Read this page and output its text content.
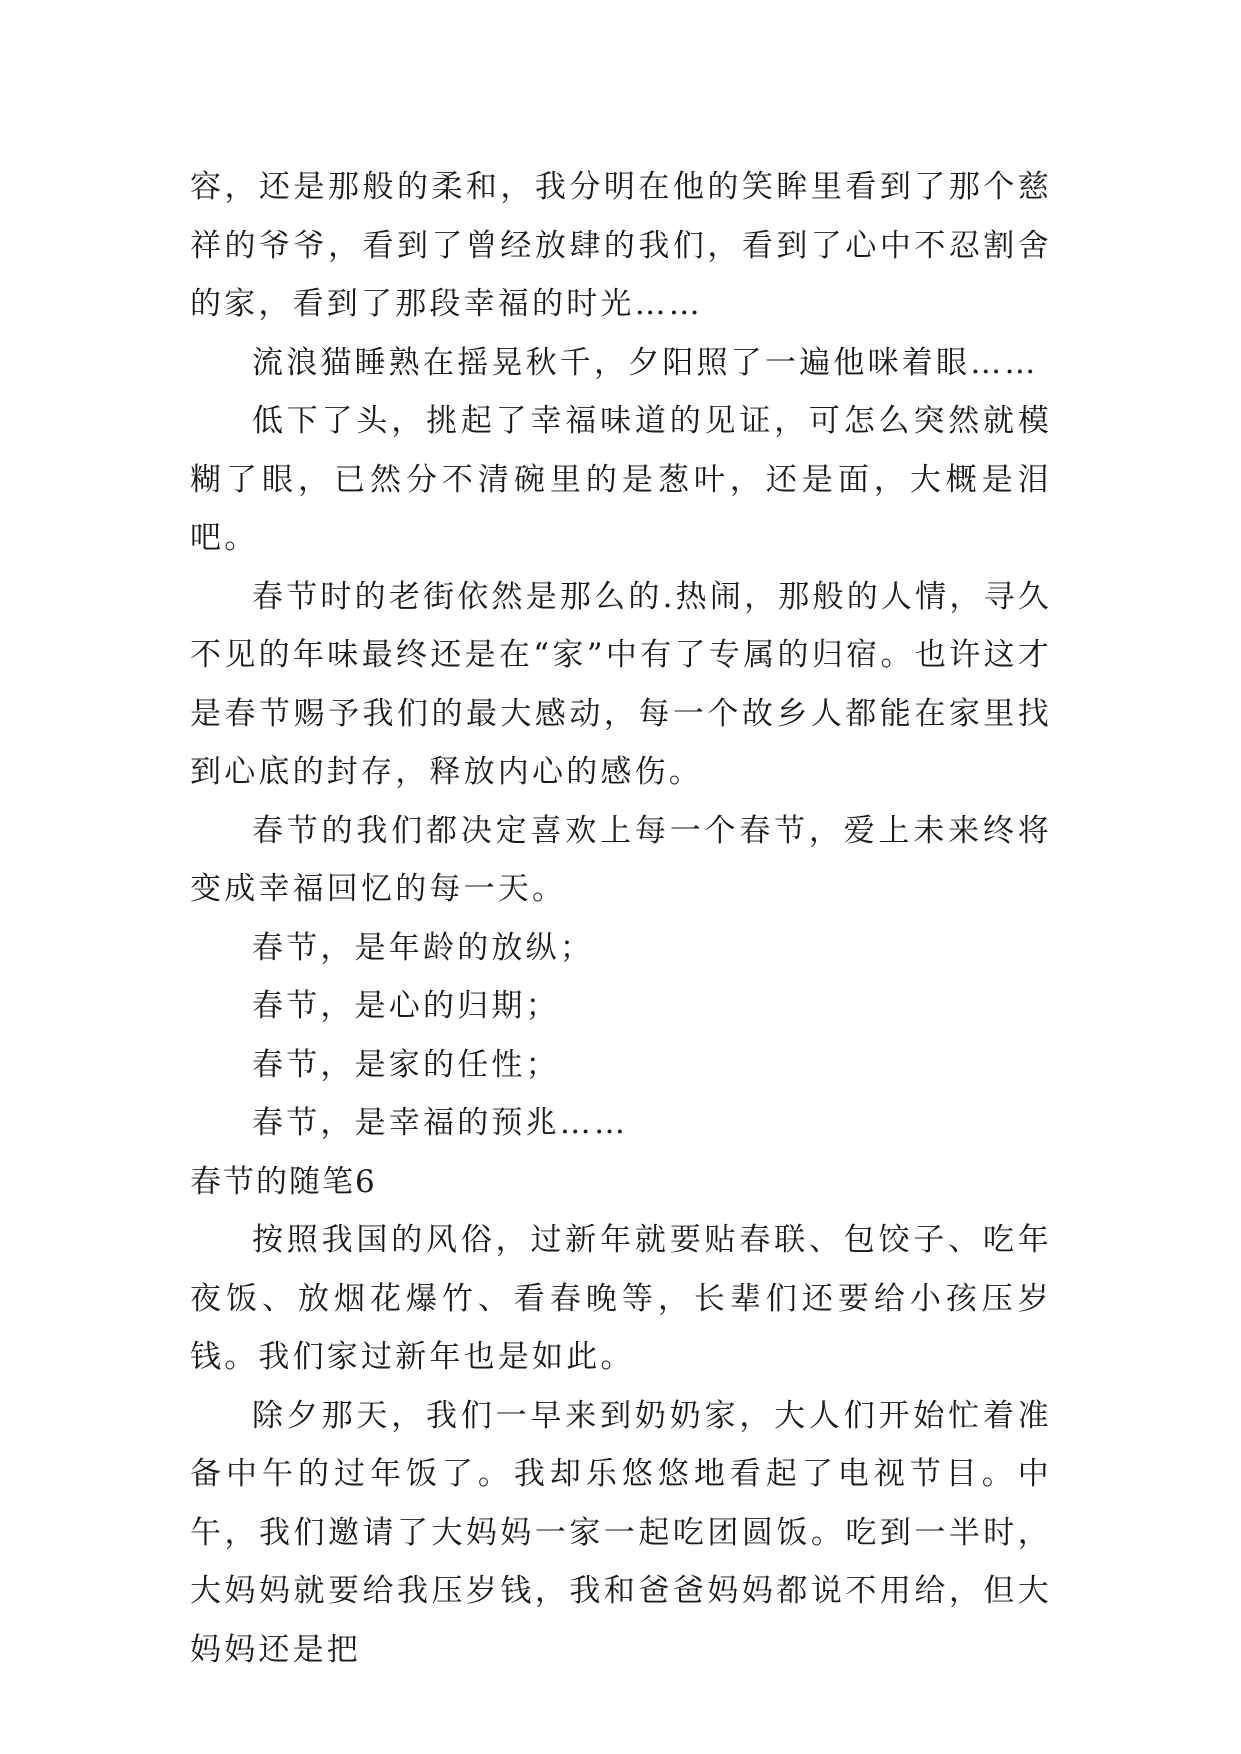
容，还是那般的柔和，我分明在他的笑眸里看到了那个慈祥的爷爷，看到了曾经放肆的我们，看到了心中不忍割舍的家，看到了那段幸福的时光……

流浪猫睡熟在摇晃秋千，夕阳照了一遍他咪着眼……

低下了头，挑起了幸福味道的见证，可怎么突然就模糊了眼，已然分不清碗里的是葱叶，还是面，大概是泪吧。

春节时的老街依然是那么的.热闹，那般的人情，寻久不见的年味最终还是在“家”中有了专属的归宿。也许这才是春节赐予我们的最大感动，每一个故乡人都能在家里找到心底的封存，释放内心的感伤。

春节的我们都决定喜欢上每一个春节，爱上未来终将变成幸福回忆的每一天。

春节，是年龄的放纵；

春节，是心的归期；

春节，是家的任性；

春节，是幸福的预兆……

春节的随笔6

按照我国的风俗，过新年就要贴春联、包饺子、吃年夜饭、放烟花爆竹、看春晚等，长辈们还要给小孩压岁钱。我们家过新年也是如此。

除夕那天，我们一早来到奶奶家，大人们开始忙着准备中午的过年饭了。我却乐悠悠地看起了电视节目。中午，我们邀请了大妈妈一家一起吃团圆饭。吃到一半时，大妈妈就要给我压岁钱，我和爸爸妈妈都说不用给，但大妈妈还是把
